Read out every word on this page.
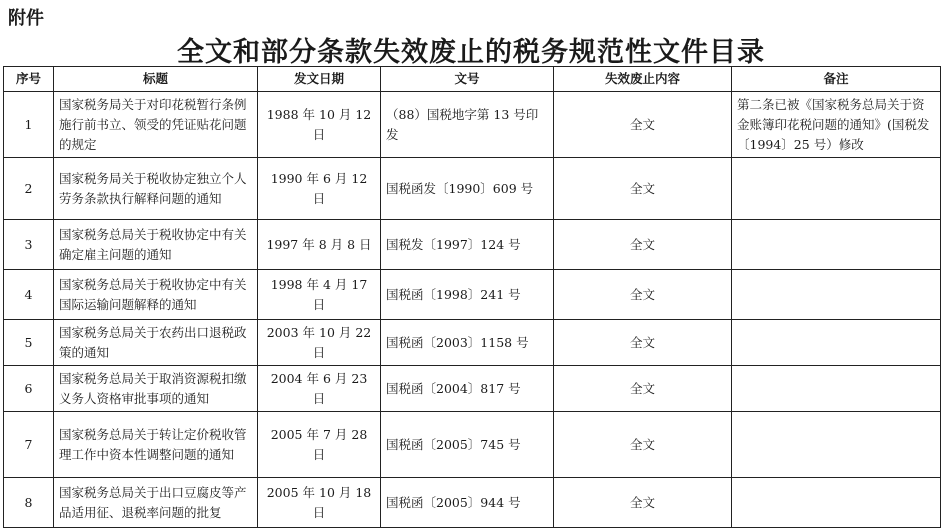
附件
全文和部分条款失效废止的税务规范性文件目录
序号	标题	发文日期	文号	失效废止内容	备注
1	国家税务局关于对印花税暂行条例施行前书立、领受的凭证贴花问题的规定	1988 年 10 月 12 日	（88）国税地字第 13 号印发	全文	第二条已被《国家税务总局关于资金账簿印花税问题的通知》(国税发〔1994〕25 号）修改
2	国家税务局关于税收协定独立个人劳务条款执行解释问题的通知	1990 年 6 月 12 日	国税函发〔1990〕609 号	全文	
3	国家税务总局关于税收协定中有关确定雇主问题的通知	1997 年 8 月 8 日	国税发〔1997〕124 号	全文	
4	国家税务总局关于税收协定中有关国际运输问题解释的通知	1998 年 4 月 17 日	国税函〔1998〕241 号	全文	
5	国家税务总局关于农药出口退税政策的通知	2003 年 10 月 22 日	国税函〔2003〕1158 号	全文	
6	国家税务总局关于取消资源税扣缴义务人资格审批事项的通知	2004 年 6 月 23 日	国税函〔2004〕817 号	全文	
7	国家税务总局关于转让定价税收管理工作中资本性调整问题的通知	2005 年 7 月 28 日	国税函〔2005〕745 号	全文	
8	国家税务总局关于出口豆腐皮等产品适用征、退税率问题的批复	2005 年 10 月 18 日	国税函〔2005〕944 号	全文	
